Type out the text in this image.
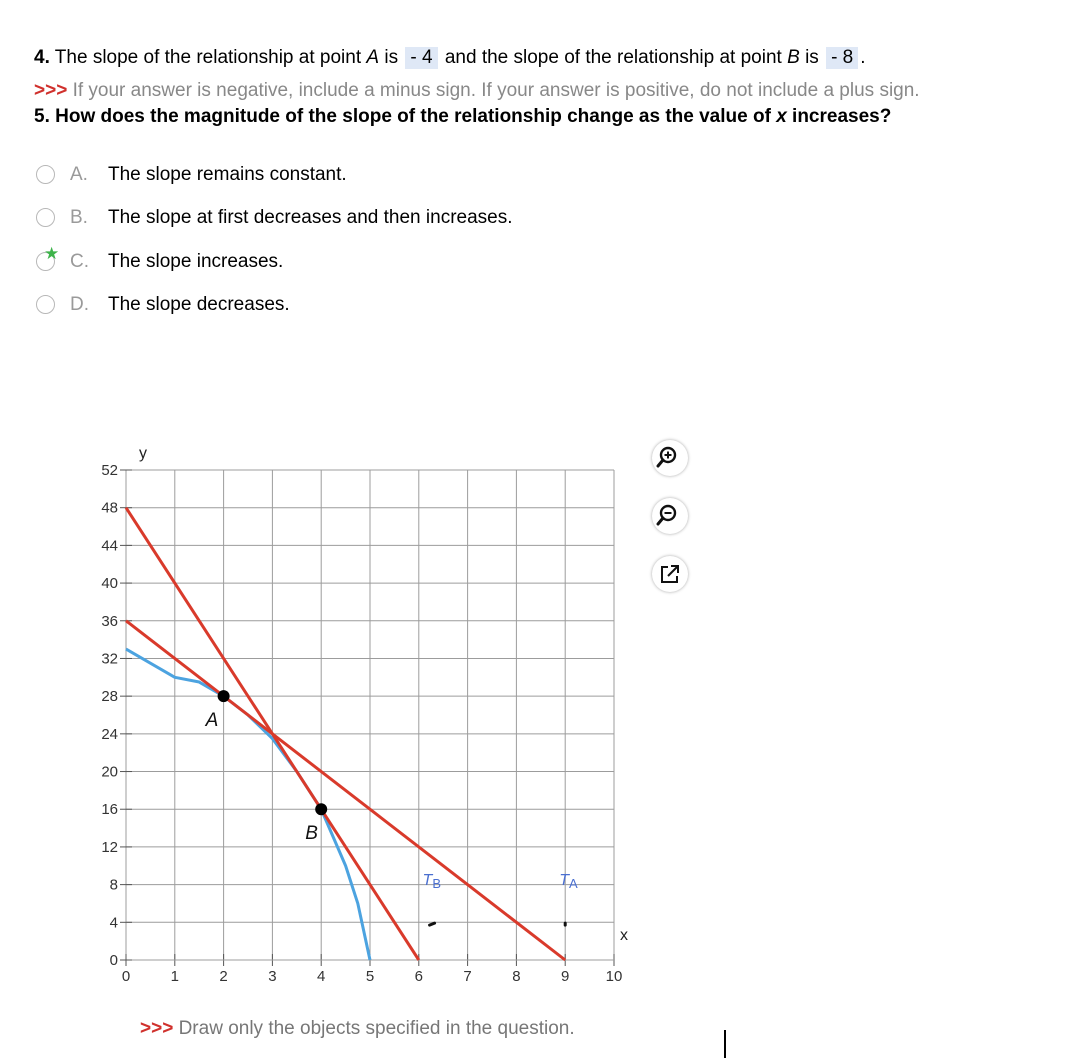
4. The slope of the relationship at point A is - 4 and the slope of the relationship at point B is - 8 .
>>> If your answer is negative, include a minus sign. If your answer is positive, do not include a plus sign.
5. How does the magnitude of the slope of the relationship change as the value of x increases?
A. The slope remains constant.
B. The slope at first decreases and then increases.
★ C. The slope increases.
D. The slope decreases.
0	1	2	3	4	5	6	7	8	9 10
0
4
8
12
16
20
24
28
32
36
40
44
48
52
y
x
TB	TA
A
B
>>> Draw only the objects specified in the question.
